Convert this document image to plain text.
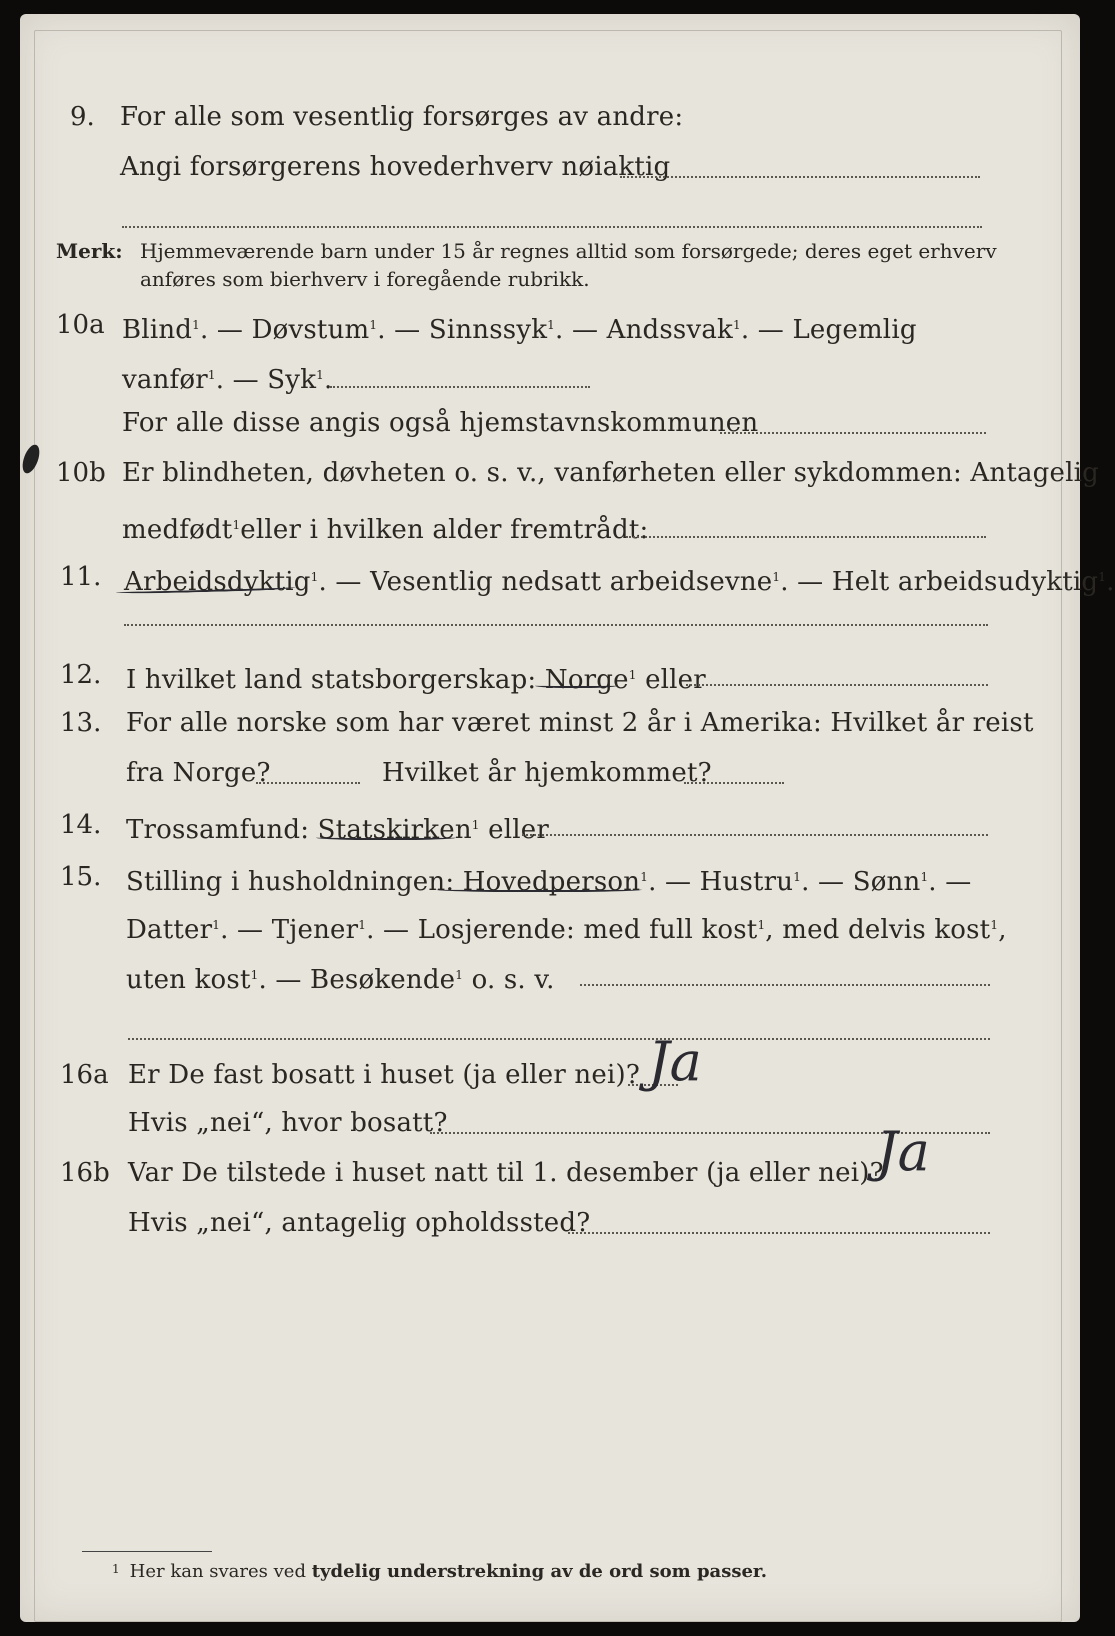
9. For alle som vesentlig forsørges av andre:
Angi forsørgerens hovederhverv nøiaktig
Merk: Hjemmeværende barn under 15 år regnes alltid som forsørgede; deres eget erhverv
anføres som bierhverv i foregående rubrikk.
10a Blind$^1$. — Døvstum$^1$. — Sinnssyk$^1$. — Andssvak$^1$. — Legemlig
vanfør$^1$. — Syk$^1$.
For alle disse angis også hjemstavnskommunen
10b Er blindheten, døvheten o. s. v., vanførheten eller sykdommen: Antagelig
medfødt$^1$eller i hvilken alder fremtrådt:
11. Arbeidsdyktig$^1$. — Vesentlig nedsatt arbeidsevne$^1$. — Helt arbeidsudyktig$^1$.
12. I hvilket land statsborgerskap: Norge$^1$ eller
13. For alle norske som har været minst 2 år i Amerika: Hvilket år reist
fra Norge?	Hvilket år hjemkommet?
14. Trossamfund: Statskirken$^1$ eller
15. Stilling i husholdningen: Hovedperson$^1$. — Hustru$^1$. — Sønn$^1$. —
Datter$^1$. — Tjener$^1$. — Losjerende: med full kost$^1$, med delvis kost$^1$,
uten kost$^1$. — Besøkende$^1$ o. s. v.
16a Er De fast bosatt i huset (ja eller nei)? Ja
Hvis „nei“, hvor bosatt?
16b Var De tilstede i huset natt til 1. desember (ja eller nei)?
Ja
Hvis „nei“, antagelig opholdssted?
$^1$ Her kan svares ved tydelig understrekning av de ord som passer.
